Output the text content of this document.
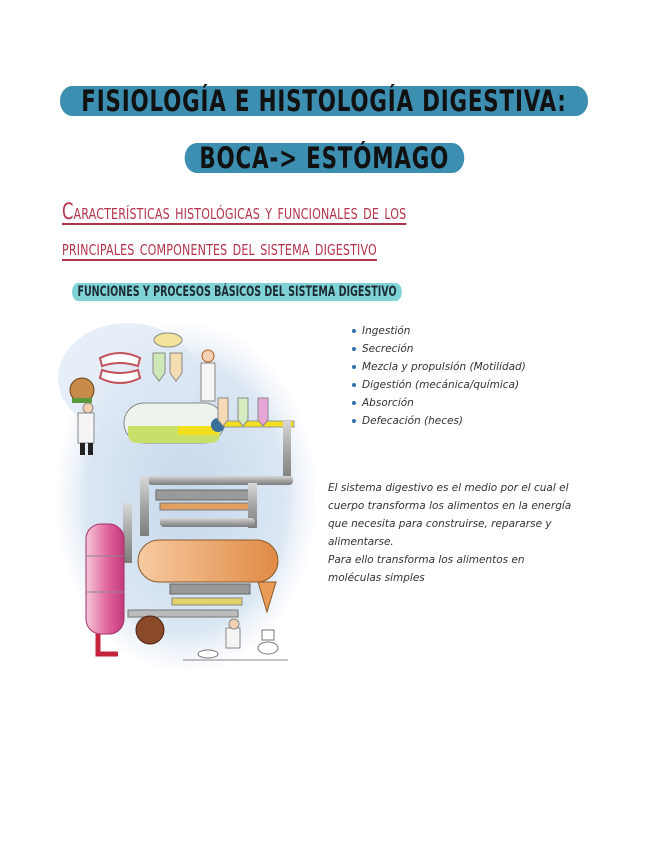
FISIOLOGÍA E HISTOLOGÍA DIGESTIVA:
BOCA-> ESTÓMAGO
Características histológicas y funcionales de los
principales componentes del sistema digestivo
FUNCIONES Y PROCESOS BÁSICOS DEL SISTEMA DIGESTIVO
Ingestión
Secreción
Mezcla y propulsión (Motilidad)
Digestión (mecánica/química)
Absorción
Defecación (heces)

El sistema digestivo es el medio por el cual el cuerpo transforma los alimentos en la energía que necesita para construirse, repararse y alimentarse.

Para ello transforma los alimentos en moléculas simples
